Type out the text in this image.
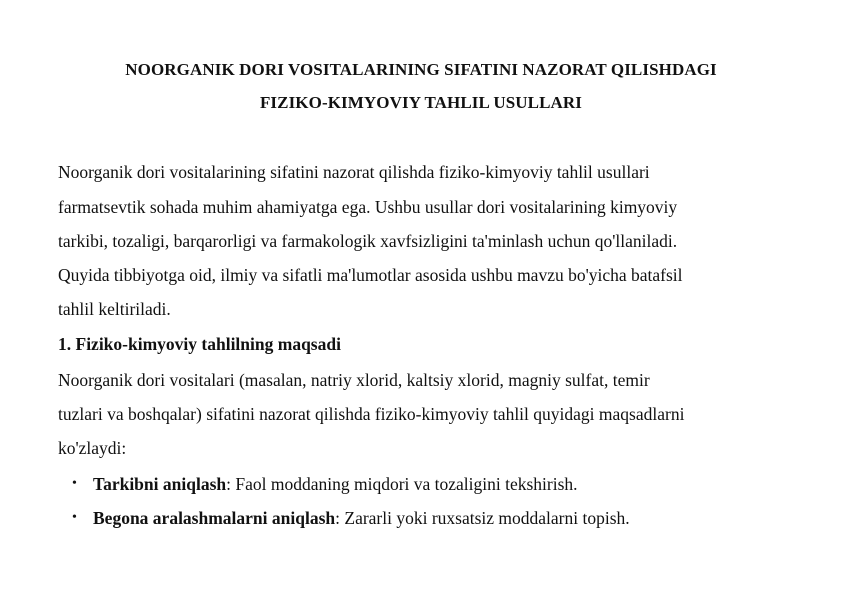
NOORGANIK DORI VOSITALARINING SIFATINI NAZORAT QILISHDAGI
FIZIKO-KIMYOVIY TAHLIL USULLARI
Noorganik dori vositalarining sifatini nazorat qilishda fiziko-kimyoviy tahlil usullari
farmatsevtik sohada muhim ahamiyatga ega. Ushbu usullar dori vositalarining kimyoviy
tarkibi, tozaligi, barqarorligi va farmakologik xavfsizligini ta'minlash uchun qo'llaniladi.
Quyida tibbiyotga oid, ilmiy va sifatli ma'lumotlar asosida ushbu mavzu bo'yicha batafsil
tahlil keltiriladi.
1. Fiziko-kimyoviy tahlilning maqsadi
Noorganik dori vositalari (masalan, natriy xlorid, kaltsiy xlorid, magniy sulfat, temir
tuzlari va boshqalar) sifatini nazorat qilishda fiziko-kimyoviy tahlil quyidagi maqsadlarni
ko'zlaydi:
• Tarkibni aniqlash: Faol moddaning miqdori va tozaligini tekshirish.
• Begona aralashmalarni aniqlash: Zararli yoki ruxsatsiz moddalarni topish.
